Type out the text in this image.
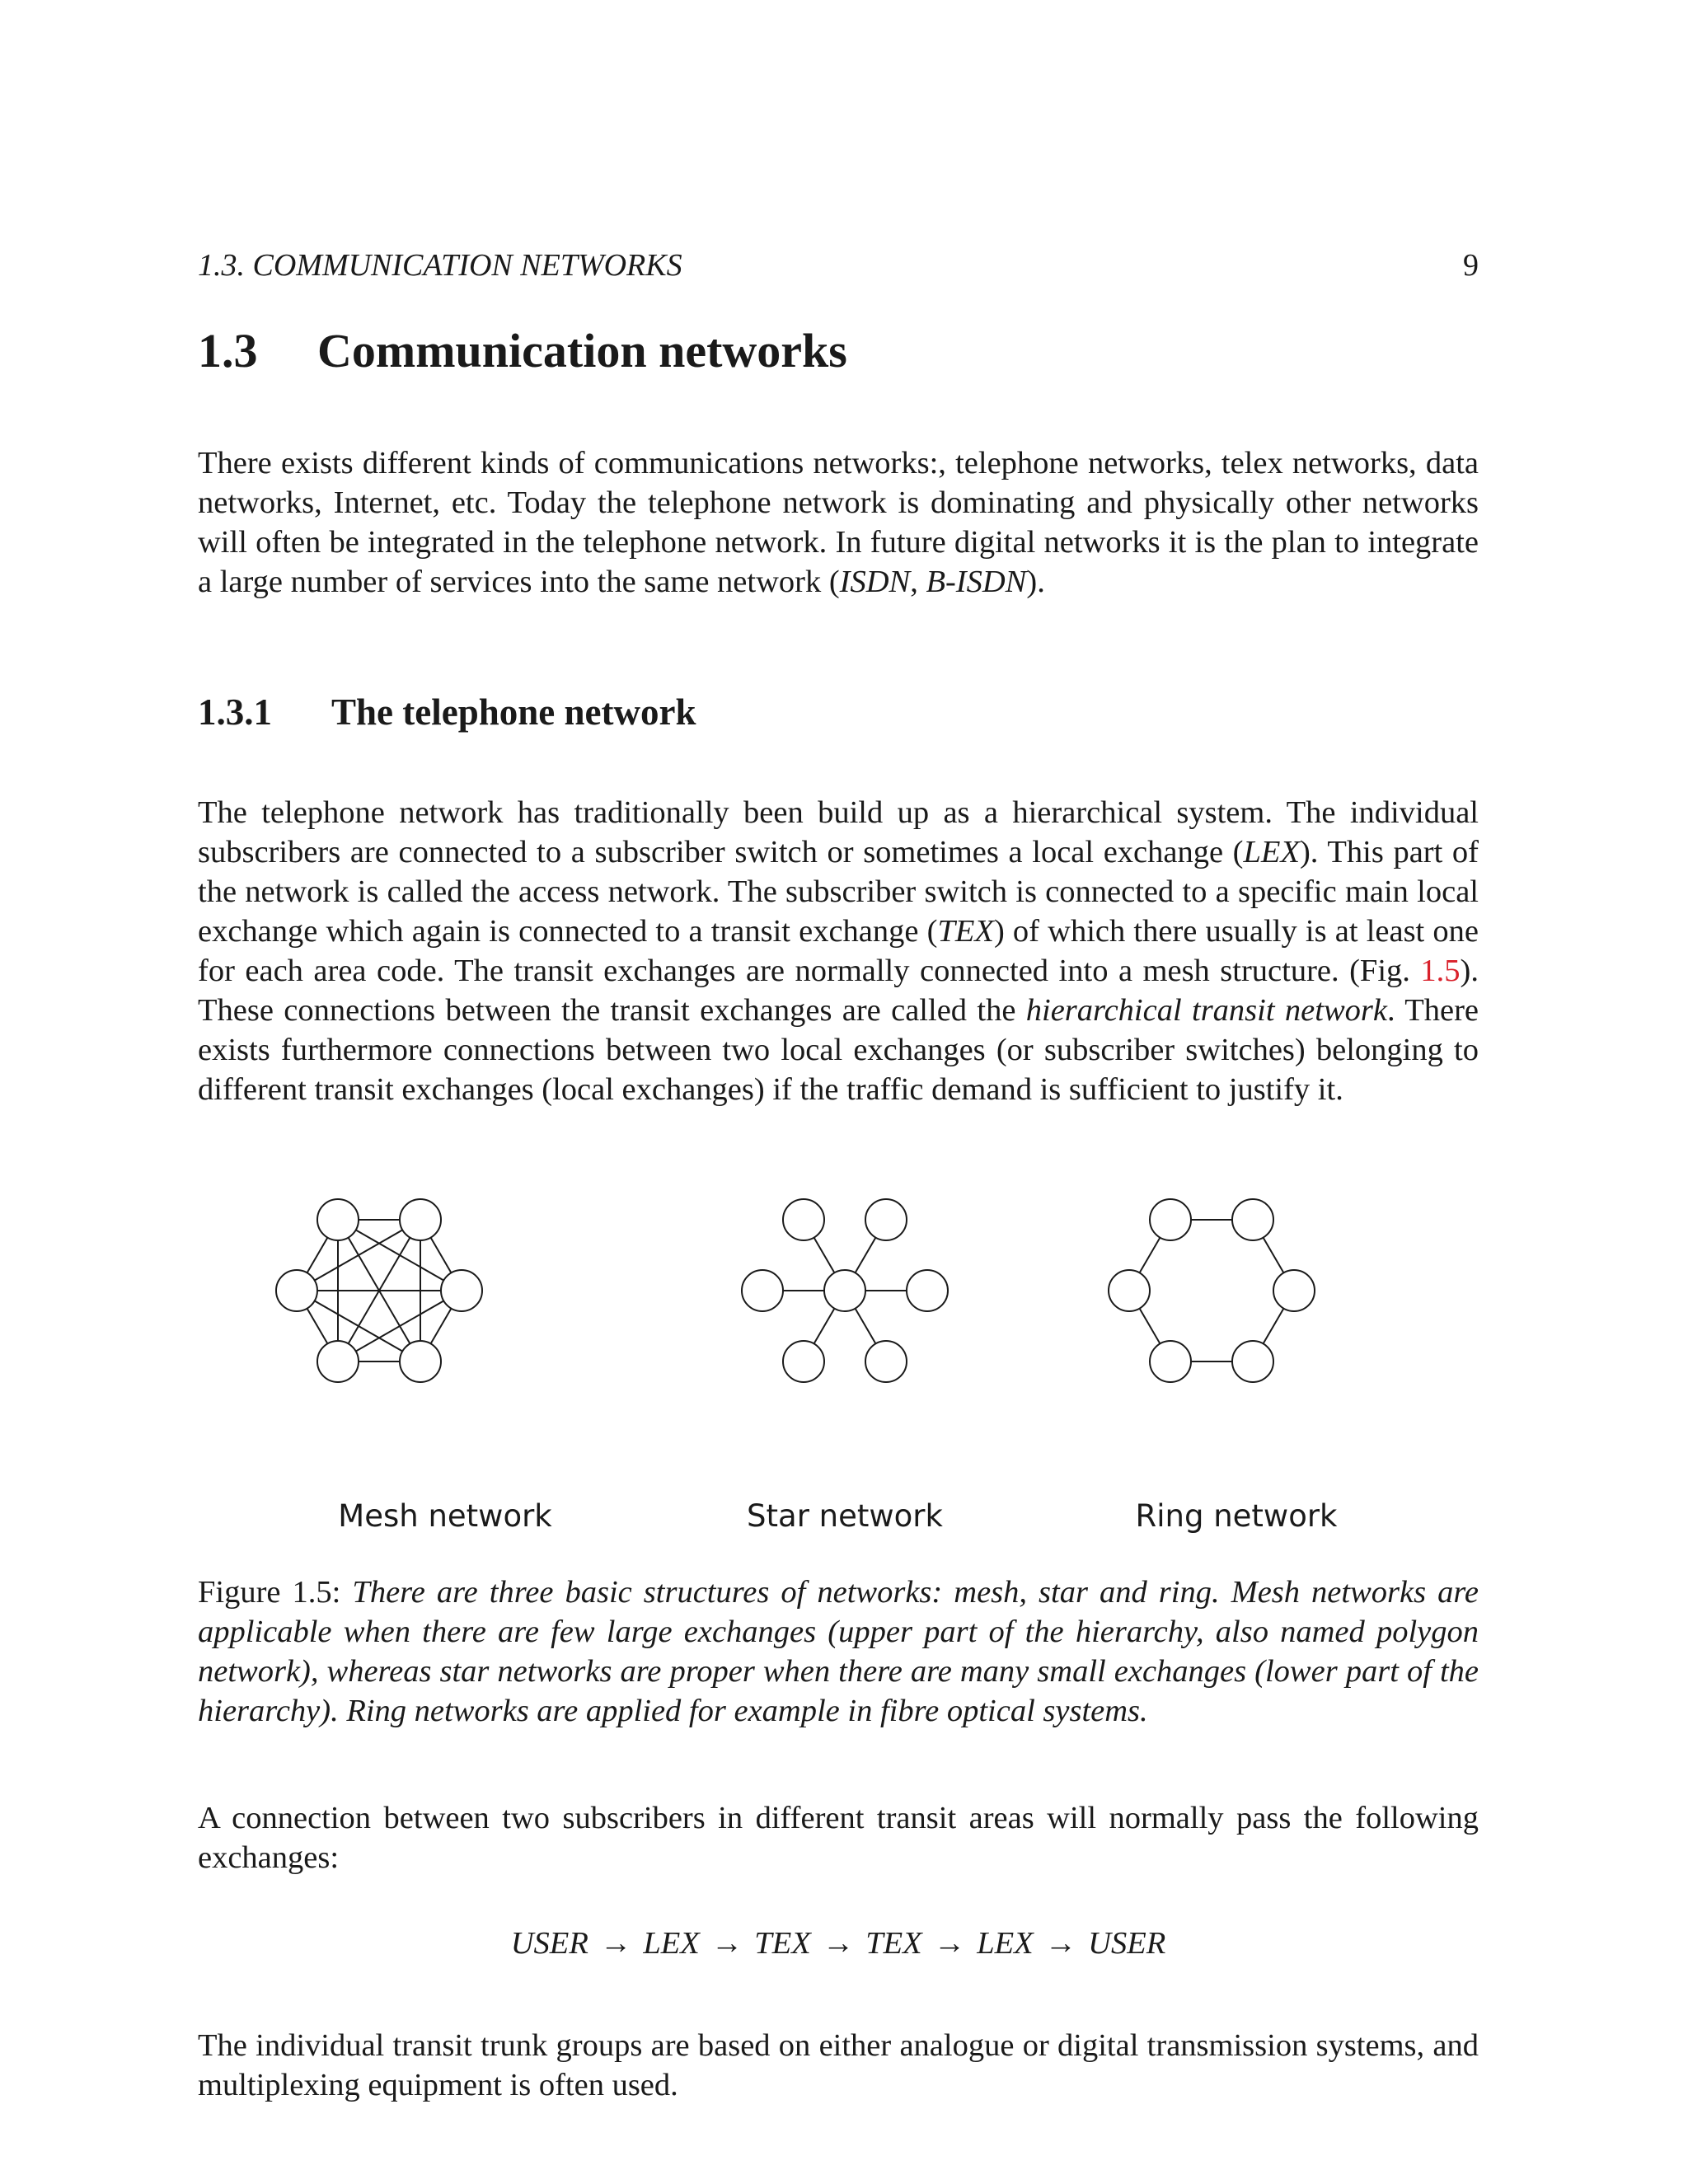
1.3. COMMUNICATION NETWORKS	9
1.3 Communication networks

There exists different kinds of communications networks:, telephone networks, telex networks, data networks, Internet, etc. Today the telephone network is dominating and physically other networks will often be integrated in the telephone network. In future digital networks it is the plan to integrate a large number of services into the same network (ISDN, B-ISDN).

1.3.1 The telephone network

The telephone network has traditionally been build up as a hierarchical system. The individual subscribers are connected to a subscriber switch or sometimes a local exchange (LEX). This part of the network is called the access network. The subscriber switch is connected to a specific main local exchange which again is connected to a transit exchange (TEX) of which there usually is at least one for each area code. The transit exchanges are normally connected into a mesh structure. (Fig. 1.5). These connections between the transit exchanges are called the hierarchical transit network. There exists furthermore connections between two local exchanges (or subscriber switches) belonging to different transit exchanges (local exchanges) if the traffic demand is sufficient to justify it.

Mesh network	Star network	Ring network

Figure 1.5: There are three basic structures of networks: mesh, star and ring. Mesh networks are applicable when there are few large exchanges (upper part of the hierarchy, also named polygon network), whereas star networks are proper when there are many small exchanges (lower part of the hierarchy). Ring networks are applied for example in fibre optical systems.

A connection between two subscribers in different transit areas will normally pass the following exchanges:

USER → LEX → TEX → TEX → LEX → USER

The individual transit trunk groups are based on either analogue or digital transmission systems, and multiplexing equipment is often used.
